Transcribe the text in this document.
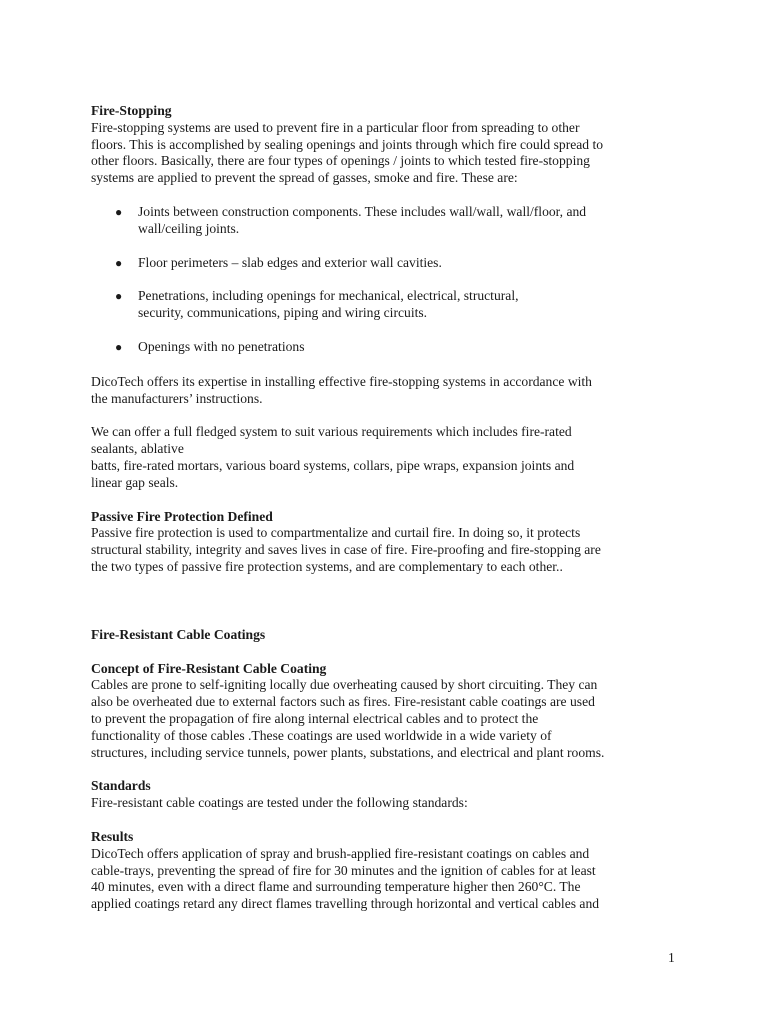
Fire-Stopping

Fire-stopping systems are used to prevent fire in a particular floor from spreading to other
floors. This is accomplished by sealing openings and joints through which fire could spread to
other floors. Basically, there are four types of openings / joints to which tested fire-stopping
systems are applied to prevent the spread of gasses, smoke and fire. These are:

● Joints between construction components. These includes wall/wall, wall/floor, and
wall/ceiling joints.
● Floor perimeters – slab edges and exterior wall cavities.
● Penetrations, including openings for mechanical, electrical, structural,
security, communications, piping and wiring circuits.
● Openings with no penetrations

DicoTech offers its expertise in installing effective fire-stopping systems in accordance with
the manufacturers’ instructions.

We can offer a full fledged system to suit various requirements which includes fire-rated
sealants, ablative
batts, fire-rated mortars, various board systems, collars, pipe wraps, expansion joints and
linear gap seals.

Passive Fire Protection Defined

Passive fire protection is used to compartmentalize and curtail fire. In doing so, it protects
structural stability, integrity and saves lives in case of fire. Fire-proofing and fire-stopping are
the two types of passive fire protection systems, and are complementary to each other..

Fire-Resistant Cable Coatings
Concept of Fire-Resistant Cable Coating

Cables are prone to self-igniting locally due overheating caused by short circuiting. They can
also be overheated due to external factors such as fires. Fire-resistant cable coatings are used
to prevent the propagation of fire along internal electrical cables and to protect the
functionality of those cables .These coatings are used worldwide in a wide variety of
structures, including service tunnels, power plants, substations, and electrical and plant rooms.

Standards

Fire-resistant cable coatings are tested under the following standards:

Results

DicoTech offers application of spray and brush-applied fire-resistant coatings on cables and
cable-trays, preventing the spread of fire for 30 minutes and the ignition of cables for at least
40 minutes, even with a direct flame and surrounding temperature higher then 260°C. The
applied coatings retard any direct flames travelling through horizontal and vertical cables and

1
